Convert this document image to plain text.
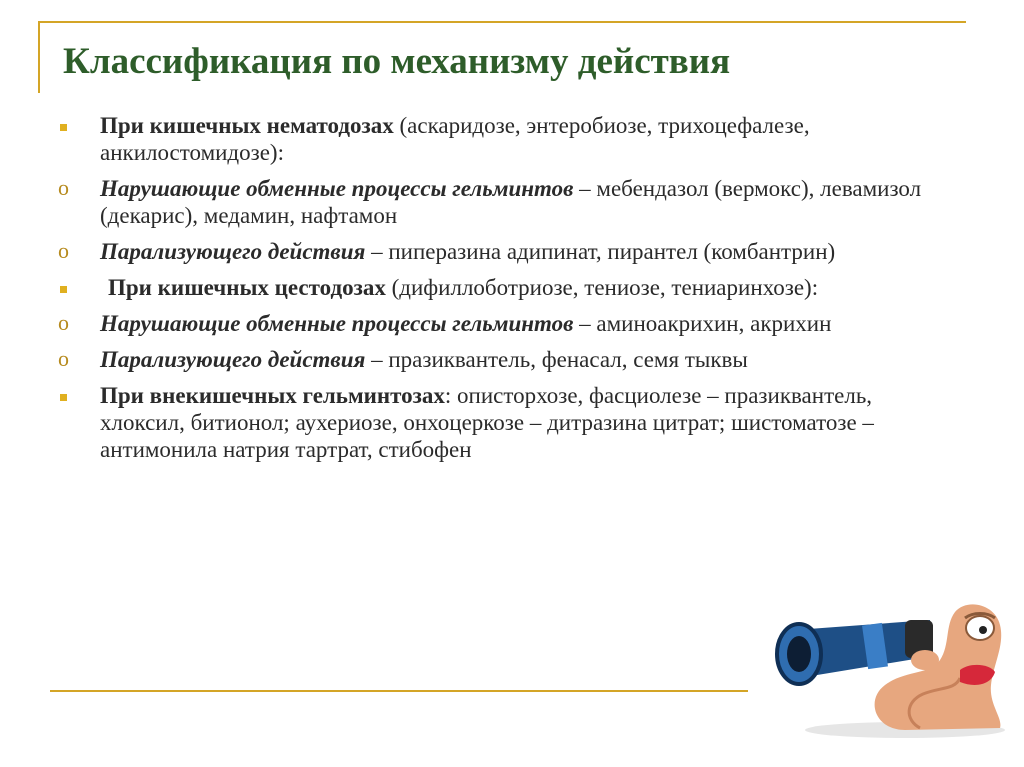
Классификация по механизму действия
При кишечных нематодозах (аскаридозе, энтеробиозе, трихоцефалезе, анкилостомидозе):
o	Нарушающие обменные процессы гельминтов – мебендазол (вермокс), левамизол (декарис), медамин, нафтамон
o	Парализующего действия – пиперазина адипинат, пирантел (комбантрин)
При кишечных цестодозах (дифиллоботриозе, тениозе, тениаринхозе):
o	Нарушающие обменные процессы гельминтов – аминоакрихин, акрихин
o	Парализующего действия – празиквантель, фенасал, семя тыквы
При внекишечных гельминтозах: описторхозе, фасциолезе – празиквантель, хлоксил, битионол; аухериозе, онхоцеркозе – дитразина цитрат; шистоматозе – антимонила натрия тартрат, стибофен
